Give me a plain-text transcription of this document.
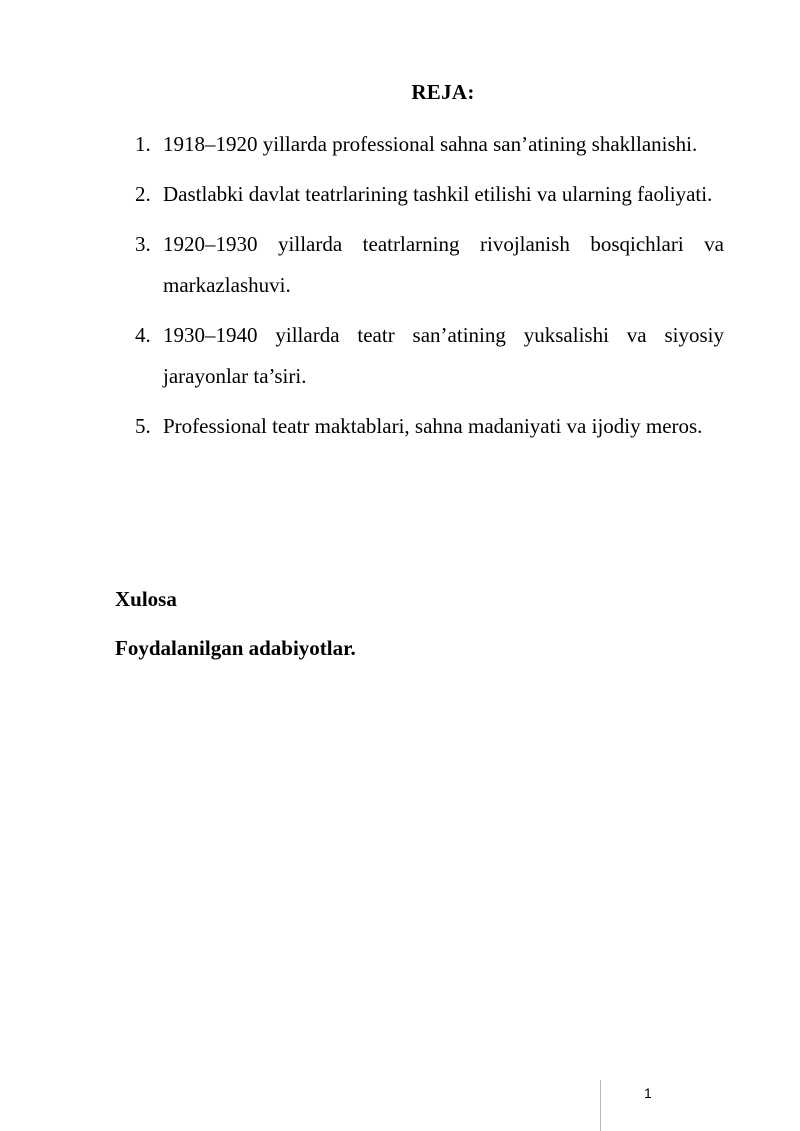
REJA:
1. 1918–1920 yillarda professional sahna san’atining shakllanishi.
2. Dastlabki davlat teatrlarining tashkil etilishi va ularning faoliyati.
3. 1920–1930 yillarda teatrlarning rivojlanish bosqichlari va markazlashuvi.
4. 1930–1940 yillarda teatr san’atining yuksalishi va siyosiy jarayonlar ta’siri.
5. Professional teatr maktablari, sahna madaniyati va ijodiy meros.
Xulosa
Foydalanilgan adabiyotlar.
1
